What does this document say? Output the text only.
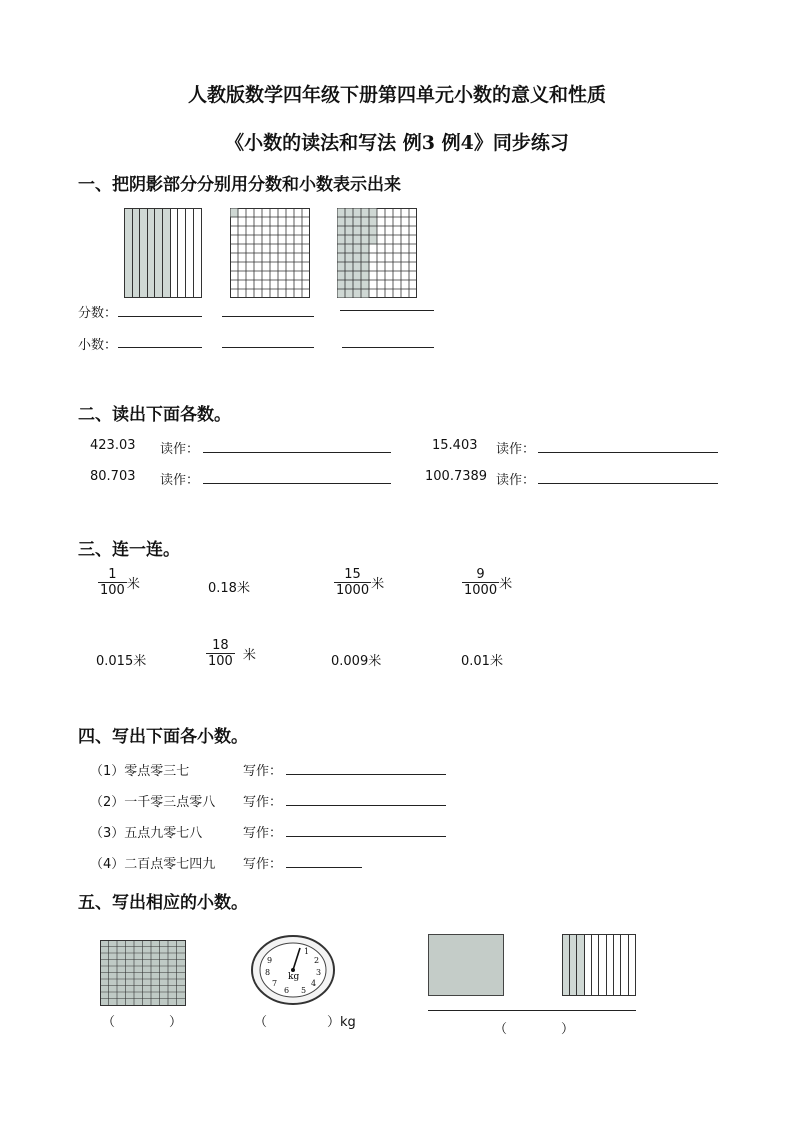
人教版数学四年级下册第四单元小数的意义和性质
《小数的读法和写法 例3 例4》同步练习
一、把阴影部分分别用分数和小数表示出来
分数：
小数：
二、读出下面各数。
423.03 读作：	15.403 读作：
80.703 读作：	100.7389 读作：
三、连一连。
$\frac{1}{100}$ 米	0.18米	$\frac{15}{1000}$ 米	$\frac{9}{1000}$ 米
0.015米	$\frac{18}{100}$ 米	0.009米	0.01米
四、写出下面各小数。
（1）零点零三七	写作：
（2）一千零三点零八 写作：
（3）五点九零七八	写作：
（4）二百点零七四九 写作：
五、写出相应的小数。
（	）
kg
1
2
3
4
5
6
7
8
9
（	）kg	（	）
